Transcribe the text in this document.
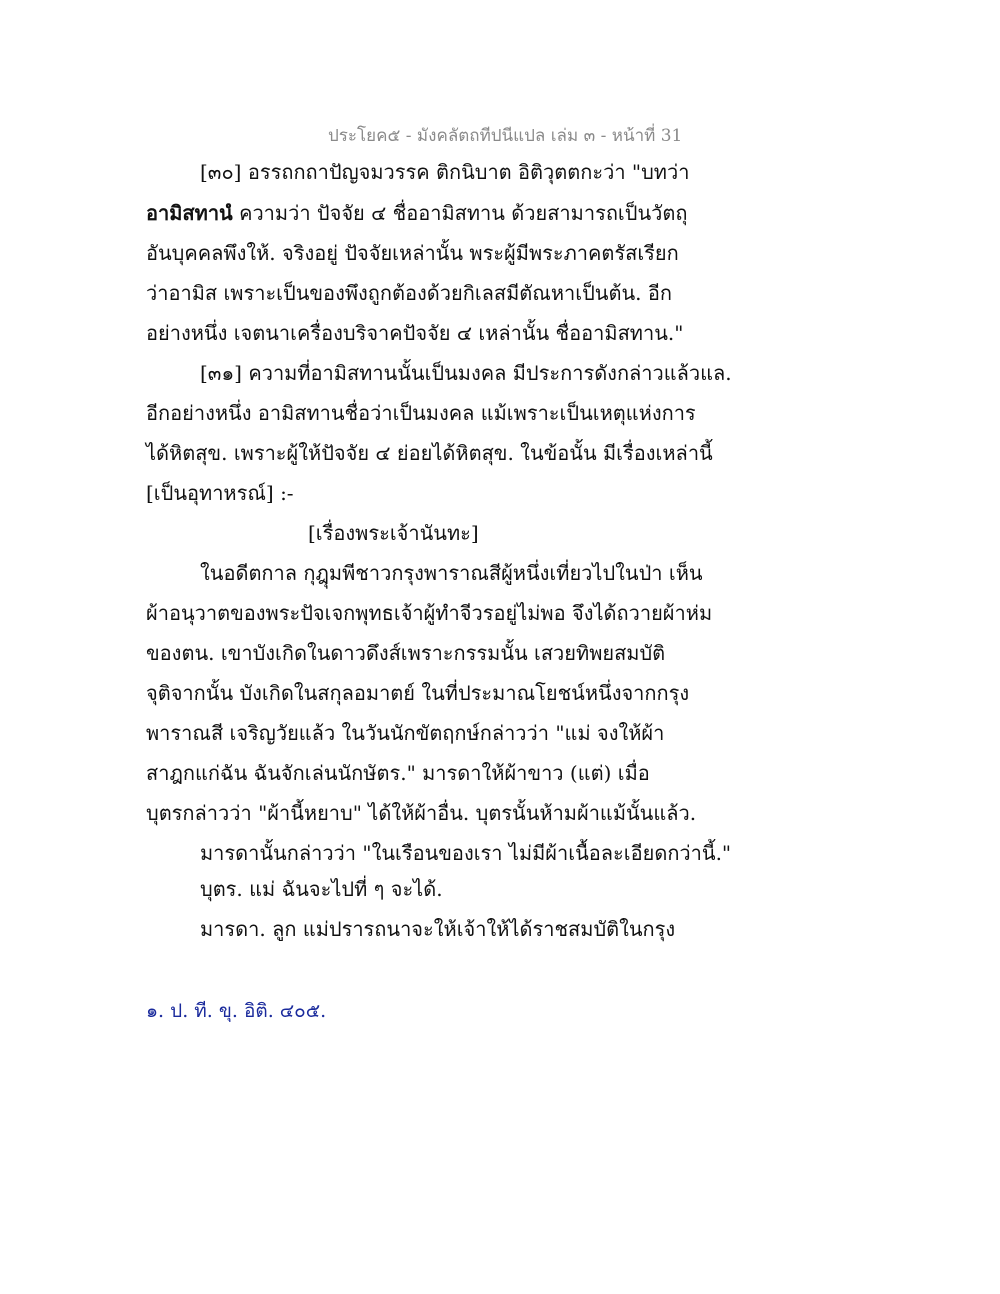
ประโยค๕ - มังคลัตถทีปนีแปล เล่ม ๓ - หน้าที่ 31
[๓๐] อรรถกถาปัญจมวรรค ติกนิบาต อิติวุตตกะว่า "บทว่า
อามิสทานํ ความว่า ปัจจัย ๔ ชื่ออามิสทาน ด้วยสามารถเป็นวัตถุ
อันบุคคลพึงให้. จริงอยู่ ปัจจัยเหล่านั้น พระผู้มีพระภาคตรัสเรียก
ว่าอามิส เพราะเป็นของพึงถูกต้องด้วยกิเลสมีตัณหาเป็นต้น. อีก
อย่างหนึ่ง เจตนาเครื่องบริจาคปัจจัย ๔ เหล่านั้น ชื่ออามิสทาน."
[๓๑] ความที่อามิสทานนั้นเป็นมงคล มีประการดังกล่าวแล้วแล.
อีกอย่างหนึ่ง อามิสทานชื่อว่าเป็นมงคล แม้เพราะเป็นเหตุแห่งการ
ได้หิตสุข. เพราะผู้ให้ปัจจัย ๔ ย่อยได้หิตสุข. ในข้อนั้น มีเรื่องเหล่านี้
[เป็นอุทาหรณ์] :-
[เรื่องพระเจ้านันทะ]
ในอดีตกาล กุฎุมพีชาวกรุงพาราณสีผู้หนึ่งเที่ยวไปในป่า เห็น
ผ้าอนุวาตของพระปัจเจกพุทธเจ้าผู้ทำจีวรอยู่ไม่พอ จึงได้ถวายผ้าห่ม
ของตน. เขาบังเกิดในดาวดึงส์เพราะกรรมนั้น เสวยทิพยสมบัติ
จุติจากนั้น บังเกิดในสกุลอมาตย์ ในที่ประมาณโยชน์หนึ่งจากกรุง
พาราณสี เจริญวัยแล้ว ในวันนักขัตฤกษ์กล่าวว่า "แม่ จงให้ผ้า
สาฎกแก่ฉัน ฉันจักเล่นนักษัตร." มารดาให้ผ้าขาว (แต่) เมื่อ
บุตรกล่าวว่า "ผ้านี้หยาบ" ได้ให้ผ้าอื่น. บุตรนั้นห้ามผ้าแม้นั้นแล้ว.
มารดานั้นกล่าวว่า "ในเรือนของเรา ไม่มีผ้าเนื้อละเอียดกว่านี้."
บุตร. แม่ ฉันจะไปที่ ๆ จะได้.
มารดา. ลูก แม่ปรารถนาจะให้เจ้าให้ได้ราชสมบัติในกรุง
๑. ป. ที. ขุ. อิติ. ๔๐๕.
